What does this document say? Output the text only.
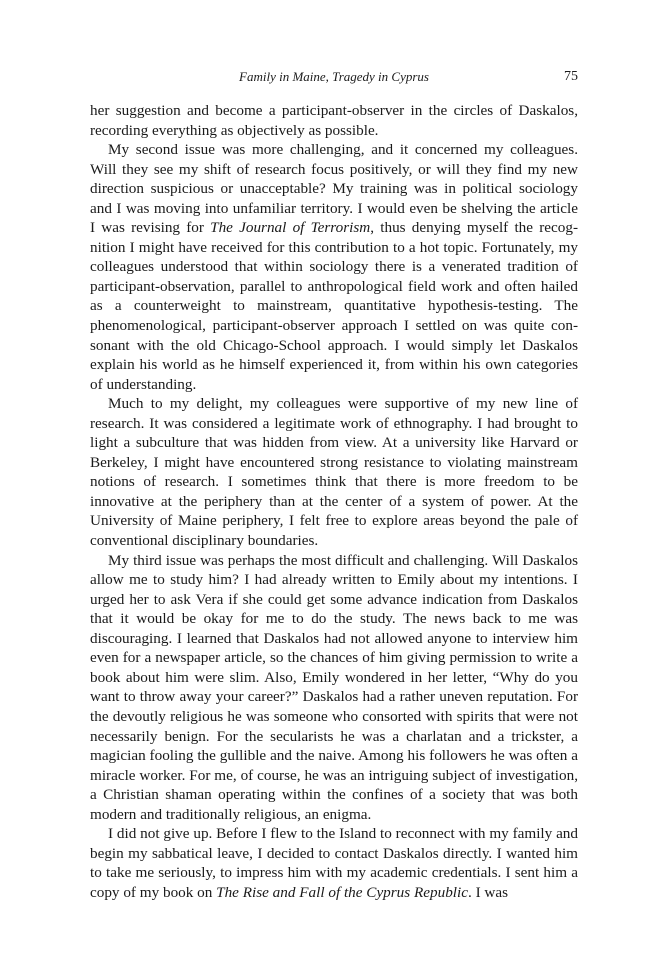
Family in Maine, Tragedy in Cyprus	75

her suggestion and become a participant-observer in the circles of Daskalos, recording everything as objectively as possible.

My second issue was more challenging, and it concerned my colleagues. Will they see my shift of research focus positively, or will they find my new direction suspicious or unacceptable? My training was in political sociology and I was moving into unfamiliar territory. I would even be shelving the article I was revising for The Journal of Terrorism, thus denying myself the recognition I might have received for this contribution to a hot topic. Fortunately, my colleagues understood that within sociology there is a venerated tradition of participant-observation, parallel to anthropological field work and often hailed as a counterweight to mainstream, quantitative hypothesis-testing. The phenomenological, participant-observer approach I settled on was quite consonant with the old Chicago-School approach. I would simply let Daskalos explain his world as he himself experienced it, from within his own categories of understanding.

Much to my delight, my colleagues were supportive of my new line of research. It was considered a legitimate work of ethnography. I had brought to light a subculture that was hidden from view. At a university like Harvard or Berkeley, I might have encountered strong resistance to violating mainstream notions of research. I sometimes think that there is more freedom to be innovative at the periphery than at the center of a system of power. At the University of Maine periphery, I felt free to explore areas beyond the pale of conventional disciplinary boundaries.

My third issue was perhaps the most difficult and challenging. Will Daskalos allow me to study him? I had already written to Emily about my intentions. I urged her to ask Vera if she could get some advance indication from Daskalos that it would be okay for me to do the study. The news back to me was discouraging. I learned that Daskalos had not allowed anyone to interview him even for a newspaper article, so the chances of him giving permission to write a book about him were slim. Also, Emily wondered in her letter, “Why do you want to throw away your career?” Daskalos had a rather uneven reputation. For the devoutly religious he was someone who consorted with spirits that were not necessarily benign. For the secularists he was a charlatan and a trickster, a magician fooling the gullible and the naive. Among his followers he was often a miracle worker. For me, of course, he was an intriguing subject of investigation, a Christian shaman operating within the confines of a society that was both modern and traditionally religious, an enigma.

I did not give up. Before I flew to the Island to reconnect with my family and begin my sabbatical leave, I decided to contact Daskalos directly. I wanted him to take me seriously, to impress him with my academic credentials. I sent him a copy of my book on The Rise and Fall of the Cyprus Republic. I was
